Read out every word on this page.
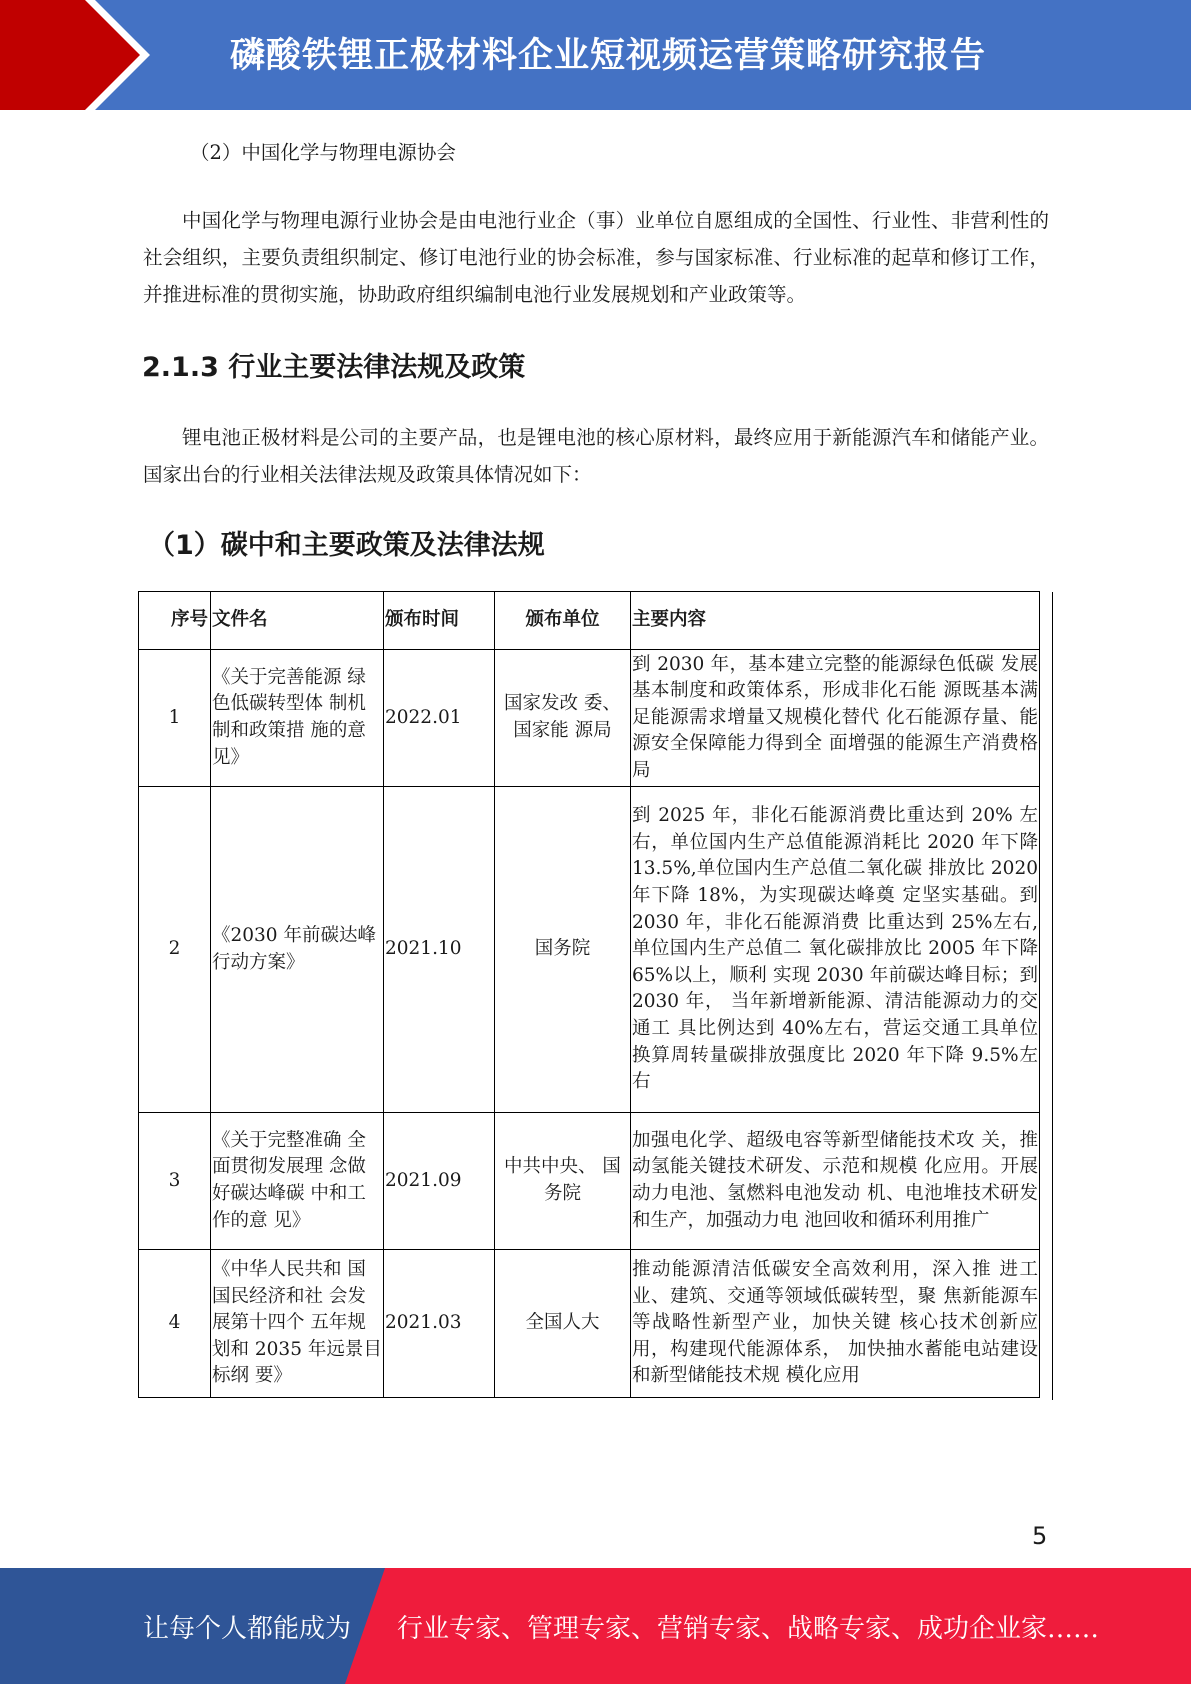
磷酸铁锂正极材料企业短视频运营策略研究报告
（2）中国化学与物理电源协会
中国化学与物理电源行业协会是由电池行业企（事）业单位自愿组成的全国性、行业性、非营利性的社会组织，主要负责组织制定、修订电池行业的协会标准，参与国家标准、行业标准的起草和修订工作，并推进标准的贯彻实施，协助政府组织编制电池行业发展规划和产业政策等。
2.1.3 行业主要法律法规及政策
锂电池正极材料是公司的主要产品，也是锂电池的核心原材料，最终应用于新能源汽车和储能产业。国家出台的行业相关法律法规及政策具体情况如下：
（1）碳中和主要政策及法律法规
序号	文件名	颁布时间	颁布单位	主要内容
1	《关于完善能源 绿色低碳转型体 制机制和政策措 施的意见》	2022.01	国家发改 委、国家能 源局	到 2030 年，基本建立完整的能源绿色低碳 发展基本制度和政策体系，形成非化石能 源既基本满足能源需求增量又规模化替代 化石能源存量、能源安全保障能力得到全 面增强的能源生产消费格局
2	《2030 年前碳达峰行动方案》	2021.10	国务院	到 2025 年，非化石能源消费比重达到 20% 左右，单位国内生产总值能源消耗比 2020 年下降 13.5%,单位国内生产总值二氧化碳 排放比 2020 年下降 18%，为实现碳达峰奠 定坚实基础。到 2030 年，非化石能源消费 比重达到 25%左右,单位国内生产总值二 氧化碳排放比 2005 年下降 65%以上，顺利 实现 2030 年前碳达峰目标；到 2030 年， 当年新增新能源、清洁能源动力的交通工 具比例达到 40%左右，营运交通工具单位 换算周转量碳排放强度比 2020 年下降 9.5%左右
3	《关于完整准确 全面贯彻发展理 念做好碳达峰碳 中和工作的意 见》	2021.09	中共中央、 国务院	加强电化学、超级电容等新型储能技术攻 关，推动氢能关键技术研发、示范和规模 化应用。开展动力电池、氢燃料电池发动 机、电池堆技术研发和生产，加强动力电 池回收和循环利用推广
4	《中华人民共和 国国民经济和社 会发展第十四个 五年规划和 2035 年远景目标纲 要》	2021.03	全国人大	推动能源清洁低碳安全高效利用，深入推 进工业、建筑、交通等领域低碳转型，聚 焦新能源车等战略性新型产业，加快关键 核心技术创新应用，构建现代能源体系， 加快抽水蓄能电站建设和新型储能技术规 模化应用
5
让每个人都能成为 行业专家、管理专家、营销专家、战略专家、成功企业家……
